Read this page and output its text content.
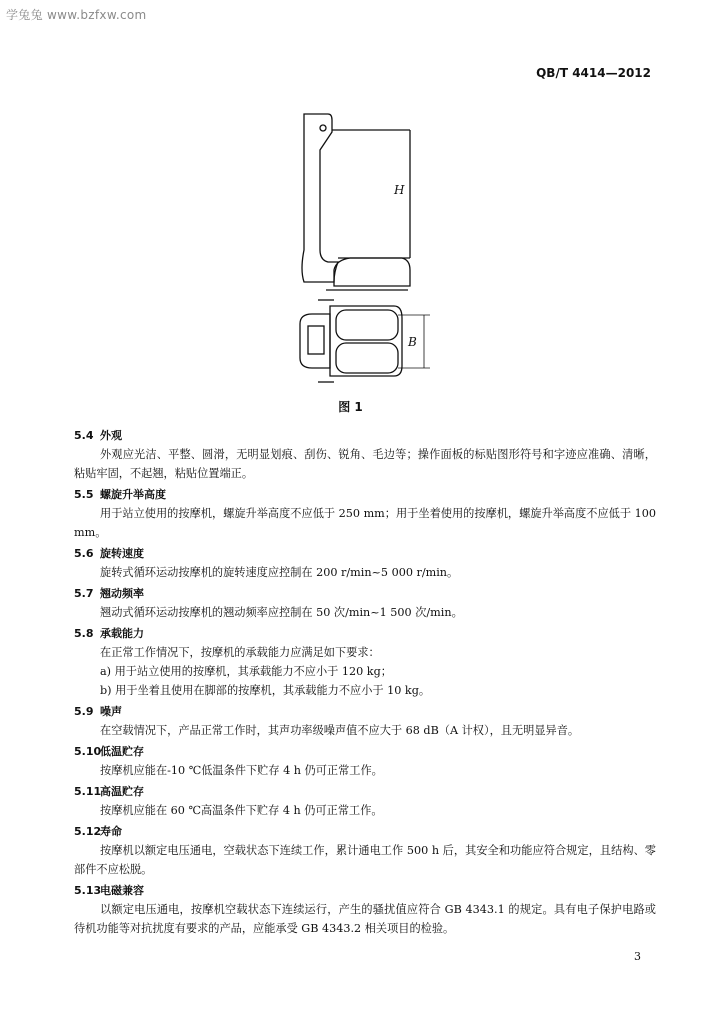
学兔兔 www.bzfxw.com
QB/T 4414—2012
H
B
图 1
5.4 外观
外观应光洁、平整、圆滑，无明显划痕、刮伤、锐角、毛边等；操作面板的标贴图形符号和字迹应准确、清晰，粘贴牢固，不起翘，粘贴位置端正。
5.5 螺旋升举高度
用于站立使用的按摩机，螺旋升举高度不应低于 250 mm；用于坐着使用的按摩机，螺旋升举高度不应低于 100 mm。
5.6 旋转速度
旋转式循环运动按摩机的旋转速度应控制在 200 r/min~5 000 r/min。
5.7 翘动频率
翘动式循环运动按摩机的翘动频率应控制在 50 次/min~1 500 次/min。
5.8 承载能力
在正常工作情况下，按摩机的承载能力应满足如下要求：
a) 用于站立使用的按摩机，其承载能力不应小于 120 kg；
b) 用于坐着且使用在脚部的按摩机，其承载能力不应小于 10 kg。
5.9 噪声
在空载情况下，产品正常工作时，其声功率级噪声值不应大于 68 dB（A 计权），且无明显异音。
5.10低温贮存
按摩机应能在-10 ℃低温条件下贮存 4 h 仍可正常工作。
5.11高温贮存
按摩机应能在 60 ℃高温条件下贮存 4 h 仍可正常工作。
5.12寿命
按摩机以额定电压通电，空载状态下连续工作，累计通电工作 500 h 后，其安全和功能应符合规定，且结构、零部件不应松脱。
5.13电磁兼容
以额定电压通电，按摩机空载状态下连续运行，产生的骚扰值应符合 GB 4343.1 的规定。具有电子保护电路或待机功能等对抗扰度有要求的产品，应能承受 GB 4343.2 相关项目的检验。
3
